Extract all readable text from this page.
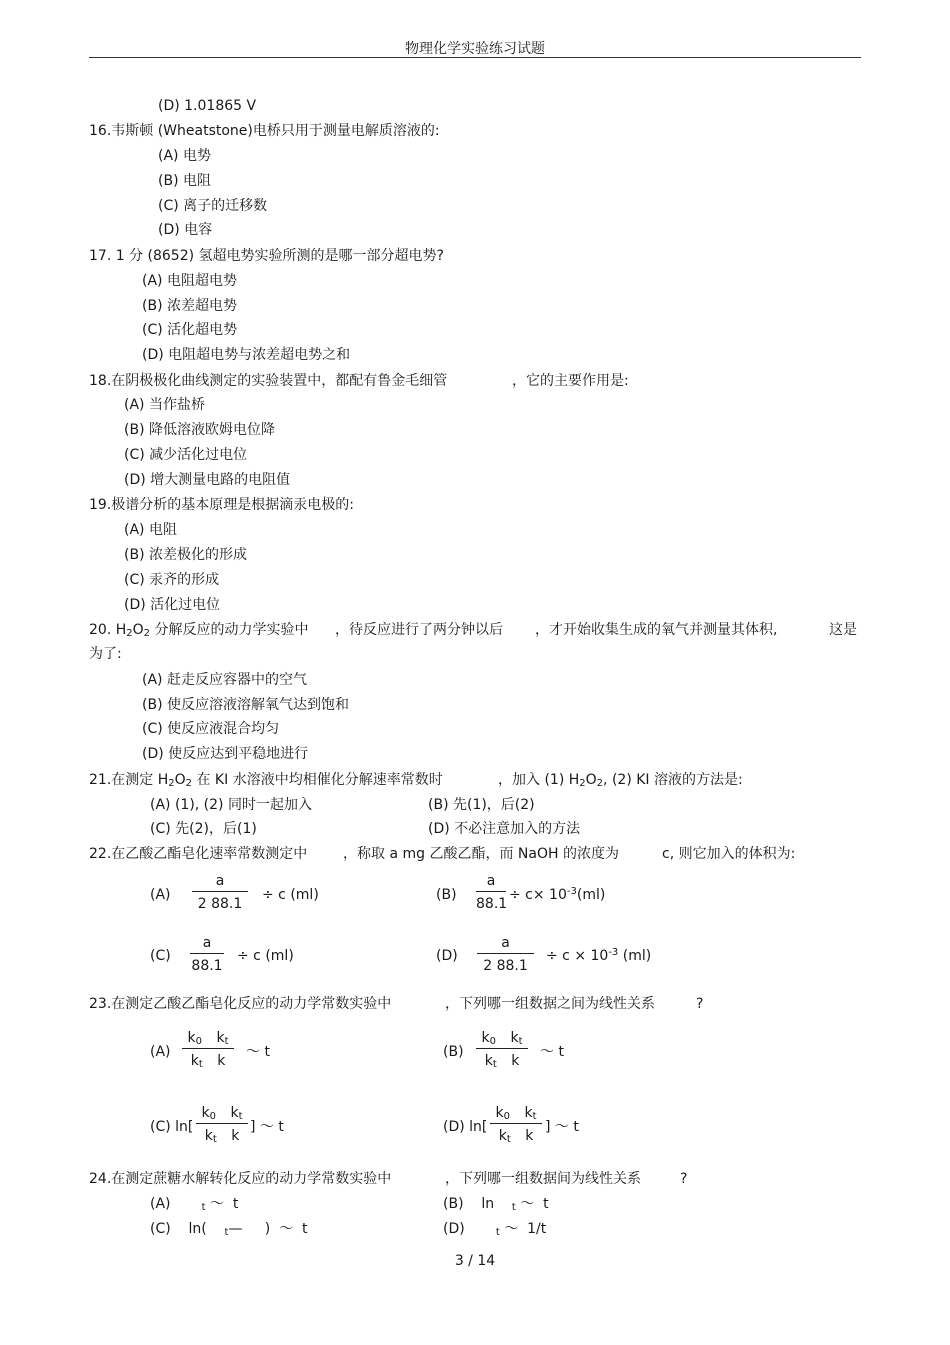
物理化学实验练习试题
(D) 1.01865 V
16.韦斯顿 (Wheatstone)电桥只用于测量电解质溶液的:
(A) 电势
(B) 电阻
(C) 离子的迁移数
(D) 电容
17. 1 分 (8652) 氢超电势实验所测的是哪一部分超电势?
(A) 电阻超电势
(B) 浓差超电势
(C) 活化超电势
(D) 电阻超电势与浓差超电势之和
18.在阴极极化曲线测定的实验装置中，都配有鲁金毛细管	，它的主要作用是:
(A) 当作盐桥
(B) 降低溶液欧姆电位降
(C) 减少活化过电位
(D) 增大测量电路的电阻值
19.极谱分析的基本原理是根据滴汞电极的:
(A) 电阻
(B) 浓差极化的形成
(C) 汞齐的形成
(D) 活化过电位
20. $H_2O_2$ 分解反应的动力学实验中 ，待反应进行了两分钟以后 ，才开始收集生成的氧气并测量其体积,	这是
为了:
(A) 赶走反应容器中的空气
(B) 使反应溶液溶解氧气达到饱和
(C) 使反应液混合均匀
(D) 使反应达到平稳地进行
21.在测定 $H_2O_2$ 在 KI 水溶液中均相催化分解速率常数时	，加入 (1) $H_2O_2$, (2) KI 溶液的方法是:
(A) (1), (2) 同时一起加入	(B) 先(1)，后(2)
(C) 先(2)，后(1)	(D) 不必注意加入的方法
22.在乙酸乙酯皂化速率常数测定中	，称取 a mg 乙酸乙酯，而 NaOH 的浓度为	c, 则它加入的体积为:
$(A) \frac{a}{2 88.1} \div c$ (ml)	$(B) \frac{a}{88.1} \div c\times 10^{-3}(ml)$
$(C) \frac{a}{88.1} \div c$ (ml)	$(D) \frac{a}{2 88.1} \div c \times 10^{-3}$ (ml)
23.在测定乙酸乙酯皂化反应的动力学常数实验中	，下列哪一组数据之间为线性关系	?
$(A) \frac{k_0 k_t}{k_t k}$ ～ t	$(B) \frac{k_0 k_t}{k_t k}$ ～ t
(C) $\ln[ \frac{k_0 k_t}{k_t k}$ ] ～ t	(D) $\ln[ \frac{k_0 k_t}{k_t k}$ ] ～ t
24.在测定蔗糖水解转化反应的动力学常数实验中	，下列哪一组数据间为线性关系	?
(A)       $_t$ ～  t	(B)    ln    $_t$ ～  t
(C)    ln(    $_t$—     )  ～  t	(D)       $_t$ ～  1/t
3 / 14
